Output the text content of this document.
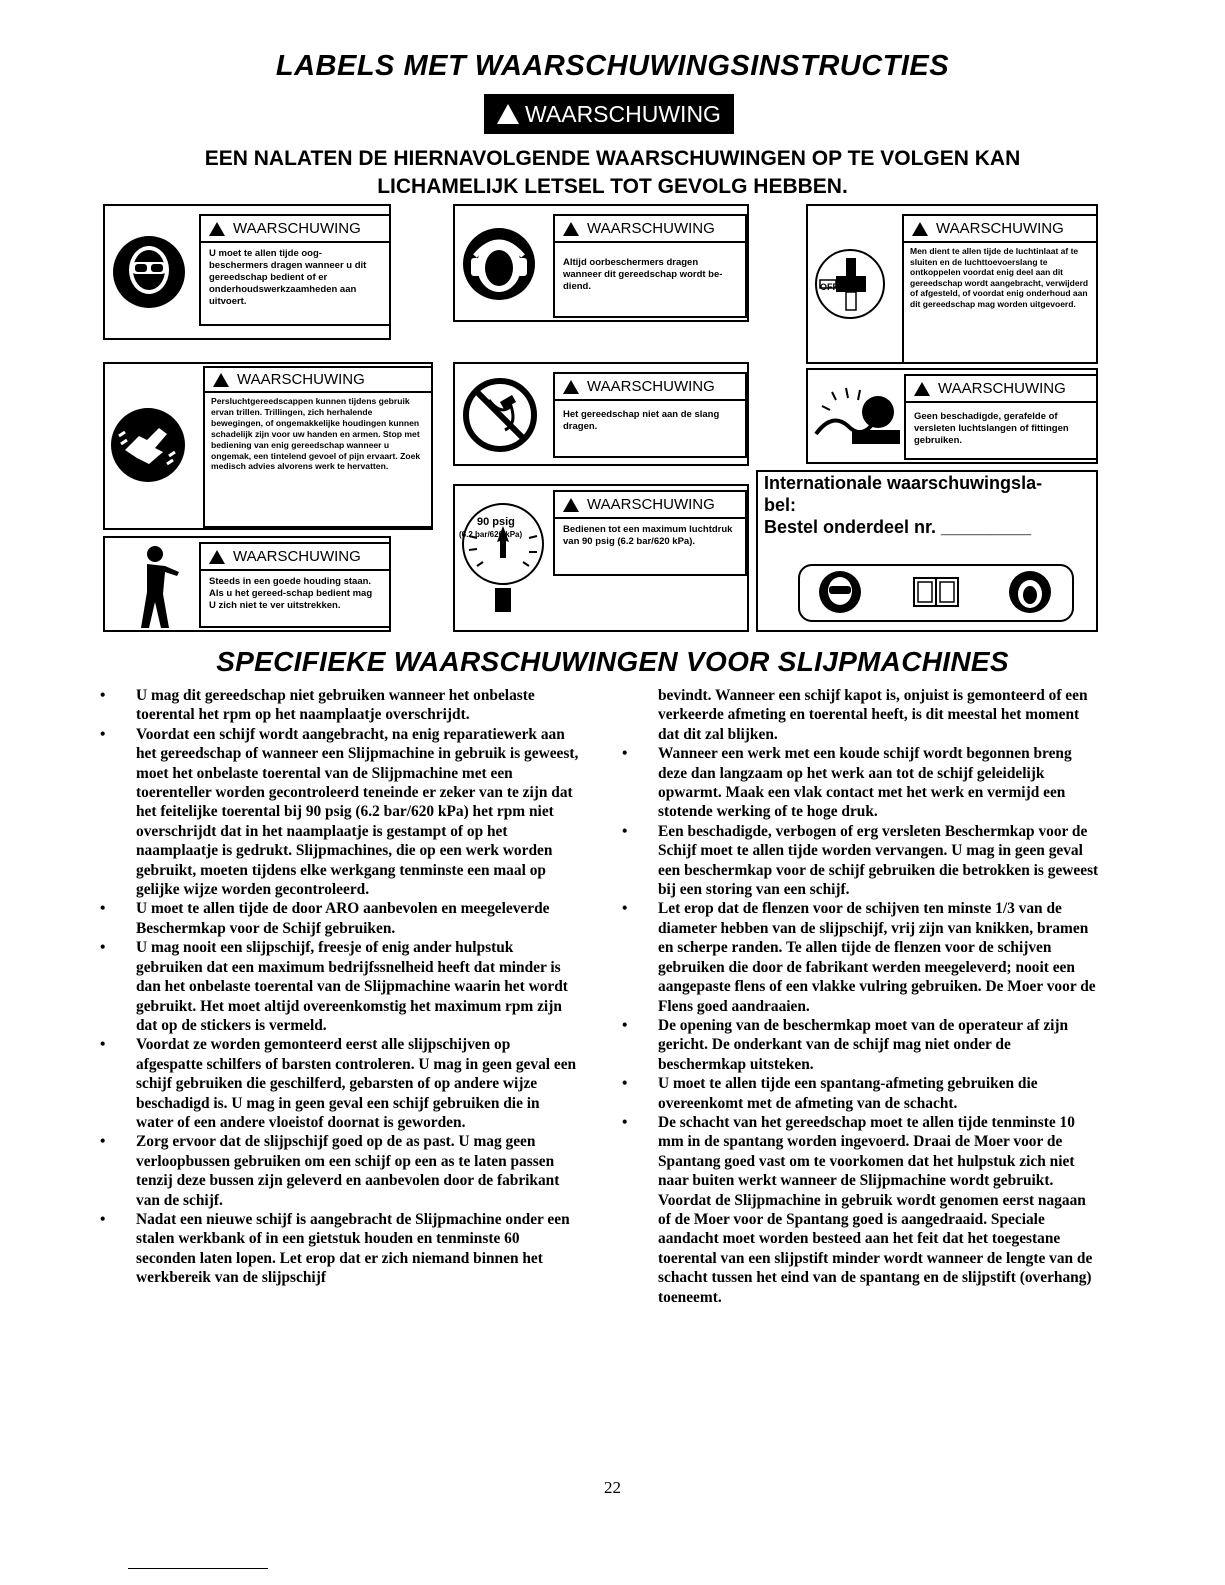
LABELS MET WAARSCHUWINGSINSTRUCTIES
WAARSCHUWING
EEN NALATEN DE HIERNAVOLGENDE WAARSCHUWINGEN OP TE VOLGEN KAN
LICHAMELIJK LETSEL TOT GEVOLG HEBBEN.
WAARSCHUWING
U moet te allen tijde oog-beschermers dragen wanneer u dit gereedschap bedient of er onderhoudswerkzaamheden aan uitvoert.
WAARSCHUWING
Altijd oorbeschermers dragen wanneer dit gereedschap wordt be-diend.	OFF
WAARSCHUWING
Men dient te allen tijde de luchtinlaat af te sluiten en de luchttoevoerslang te ontkoppelen voordat enig deel aan dit gereedschap wordt aangebracht, verwijderd of afgesteld, of voordat enig onderhoud aan dit gereedschap mag worden uitgevoerd.
WAARSCHUWING
Persluchtgereedscappen kunnen tijdens gebruik ervan trillen. Trillingen, zich herhalende bewegingen, of ongemakkelijke houdingen kunnen schadelijk zijn voor uw handen en armen. Stop met bediening van enig gereedschap wanneer u ongemak, een tintelend gevoel of pijn ervaart. Zoek medisch advies alvorens werk te hervatten.
WAARSCHUWING
Het gereedschap niet aan de slang dragen.
WAARSCHUWING
Geen beschadigde, gerafelde of versleten luchtslangen of fittingen gebruiken.
WAARSCHUWING
Steeds in een goede houding staan. Als u het gereed-schap bedient mag U zich niet te ver uitstrekken.
90 psig
(6.2 bar/620 kPa)
WAARSCHUWING
Bedienen tot een maximum luchtdruk van 90 psig (6.2 bar/620 kPa).
Internationale waarschuwingsla-
bel:
Bestel onderdeel nr. _________
SPECIFIEKE WAARSCHUWINGEN VOOR SLIJPMACHINES
• U mag dit gereedschap niet gebruiken wanneer het onbelaste toerental het rpm op het naamplaatje overschrijdt.
• Voordat een schijf wordt aangebracht, na enig reparatiewerk aan het gereedschap of wanneer een Slijpmachine in gebruik is geweest, moet het onbelaste toerental van de Slijpmachine met een toerenteller worden gecontroleerd teneinde er zeker van te zijn dat het feitelijke toerental bij 90 psig (6.2 bar/620 kPa) het rpm niet overschrijdt dat in het naamplaatje is gestampt of op het naamplaatje is gedrukt. Slijpmachines, die op een werk worden gebruikt, moeten tijdens elke werkgang tenminste een maal op gelijke wijze worden gecontroleerd.
• U moet te allen tijde de door ARO aanbevolen en meegeleverde Beschermkap voor de Schijf gebruiken.
• U mag nooit een slijpschijf, freesje of enig ander hulpstuk gebruiken dat een maximum bedrijfssnelheid heeft dat minder is dan het onbelaste toerental van de Slijpmachine waarin het wordt gebruikt. Het moet altijd overeenkomstig het maximum rpm zijn dat op de stickers is vermeld.
• Voordat ze worden gemonteerd eerst alle slijpschijven op afgespatte schilfers of barsten controleren. U mag in geen geval een schijf gebruiken die geschilferd, gebarsten of op andere wijze beschadigd is. U mag in geen geval een schijf gebruiken die in water of een andere vloeistof doornat is geworden.
• Zorg ervoor dat de slijpschijf goed op de as past. U mag geen verloopbussen gebruiken om een schijf op een as te laten passen tenzij deze bussen zijn geleverd en aanbevolen door de fabrikant van de schijf.
• Nadat een nieuwe schijf is aangebracht de Slijpmachine onder een stalen werkbank of in een gietstuk houden en tenminste 60 seconden laten lopen. Let erop dat er zich niemand binnen het werkbereik van de slijpschijf
bevindt. Wanneer een schijf kapot is, onjuist is gemonteerd of een verkeerde afmeting en toerental heeft, is dit meestal het moment dat dit zal blijken.
• Wanneer een werk met een koude schijf wordt begonnen breng deze dan langzaam op het werk aan tot de schijf geleidelijk opwarmt. Maak een vlak contact met het werk en vermijd een stotende werking of te hoge druk.
• Een beschadigde, verbogen of erg versleten Beschermkap voor de Schijf moet te allen tijde worden vervangen. U mag in geen geval een beschermkap voor de schijf gebruiken die betrokken is geweest bij een storing van een schijf.
• Let erop dat de flenzen voor de schijven ten minste 1/3 van de diameter hebben van de slijpschijf, vrij zijn van knikken, bramen en scherpe randen. Te allen tijde de flenzen voor de schijven gebruiken die door de fabrikant werden meegeleverd; nooit een aangepaste flens of een vlakke vulring gebruiken. De Moer voor de Flens goed aandraaien.
• De opening van de beschermkap moet van de operateur af zijn gericht. De onderkant van de schijf mag niet onder de beschermkap uitsteken.
• U moet te allen tijde een spantang-afmeting gebruiken die overeenkomt met de afmeting van de schacht.
• De schacht van het gereedschap moet te allen tijde tenminste 10 mm in de spantang worden ingevoerd. Draai de Moer voor de Spantang goed vast om te voorkomen dat het hulpstuk zich niet naar buiten werkt wanneer de Slijpmachine wordt gebruikt. Voordat de Slijpmachine in gebruik wordt genomen eerst nagaan of de Moer voor de Spantang goed is aangedraaid. Speciale aandacht moet worden besteed aan het feit dat het toegestane toerental van een slijpstift minder wordt wanneer de lengte van de schacht tussen het eind van de spantang en de slijpstift (overhang) toeneemt.
22
